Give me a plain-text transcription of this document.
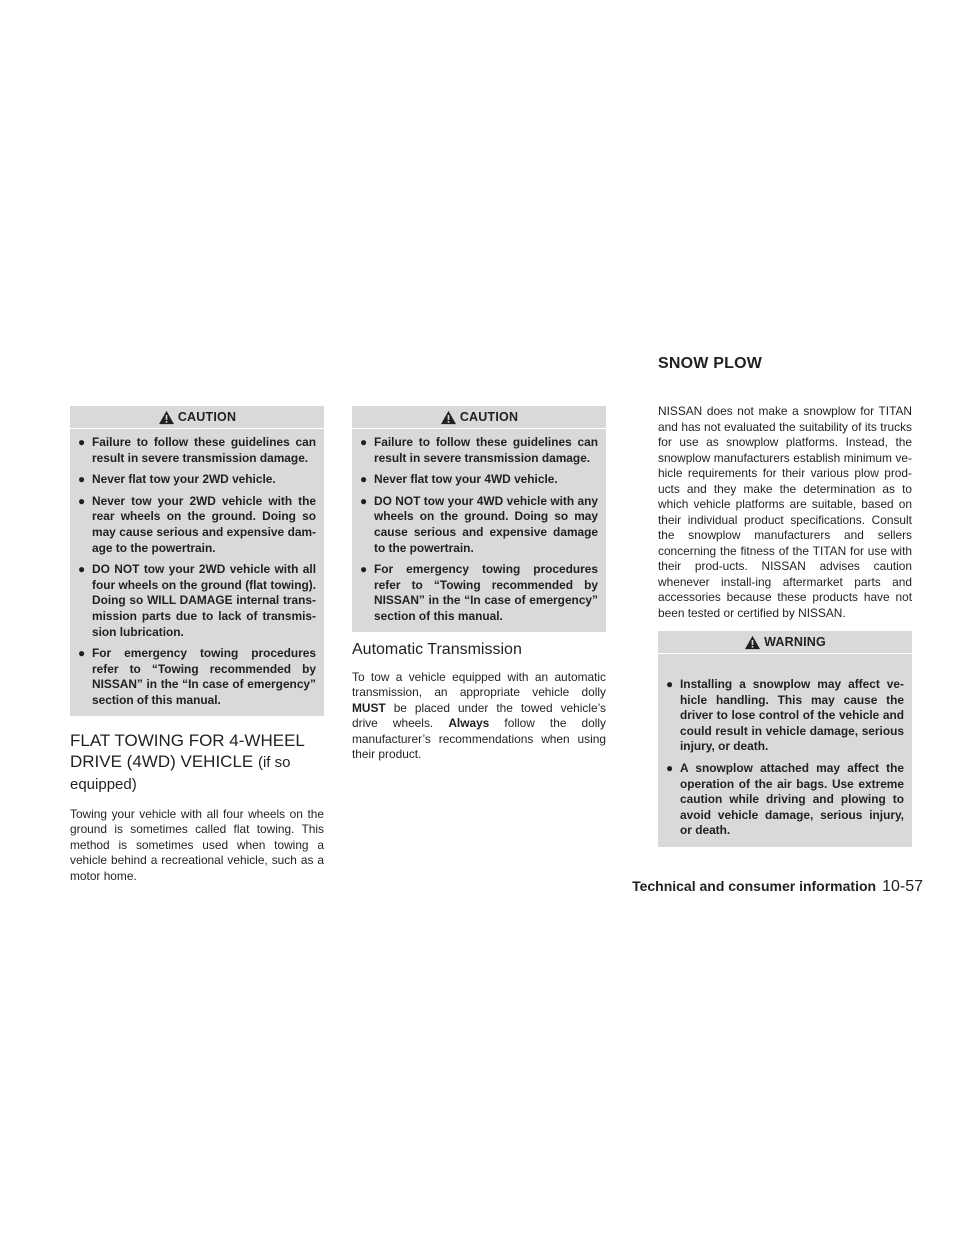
CAUTION
● Failure to follow these guidelines can result in severe transmission damage.
● Never flat tow your 2WD vehicle.
● Never tow your 2WD vehicle with the rear wheels on the ground. Doing so may cause serious and expensive dam-age to the powertrain.
● DO NOT tow your 2WD vehicle with all four wheels on the ground (flat towing). Doing so WILL DAMAGE internal trans-mission parts due to lack of transmis-sion lubrication.
● For emergency towing procedures refer to “Towing recommended by NISSAN” in the “In case of emergency” section of this manual.
FLAT TOWING FOR 4-WHEEL DRIVE (4WD) VEHICLE (if so equipped)

Towing your vehicle with all four wheels on the ground is sometimes called flat towing. This method is sometimes used when towing a vehicle behind a recreational vehicle, such as a motor home.

CAUTION
● Failure to follow these guidelines can result in severe transmission damage.
● Never flat tow your 4WD vehicle.
● DO NOT tow your 4WD vehicle with any wheels on the ground. Doing so may cause serious and expensive damage to the powertrain.
● For emergency towing procedures refer to “Towing recommended by NISSAN” in the “In case of emergency” section of this manual.
Automatic Transmission

To tow a vehicle equipped with an automatic transmission, an appropriate vehicle dolly MUST be placed under the towed vehicle’s drive wheels. Always follow the dolly manufacturer’s recommendations when using their product.

SNOW PLOW

NISSAN does not make a snowplow for TITAN and has not evaluated the suitability of its trucks for use as snowplow platforms. Instead, the snowplow manufacturers establish minimum ve-hicle requirements for their various plow prod-ucts and they make the determination as to which vehicle platforms are suitable, based on their individual product specifications. Consult the snowplow manufacturers and sellers concerning the fitness of the TITAN for use with their prod-ucts. NISSAN advises caution whenever install-ing aftermarket parts and accessories because these products have not been tested or certified by NISSAN.

WARNING
● Installing a snowplow may affect ve-hicle handling. This may cause the driver to lose control of the vehicle and could result in vehicle damage, serious injury, or death.
● A snowplow attached may affect the operation of the air bags. Use extreme caution while driving and plowing to avoid vehicle damage, serious injury, or death.
Technical and consumer information 10-57
